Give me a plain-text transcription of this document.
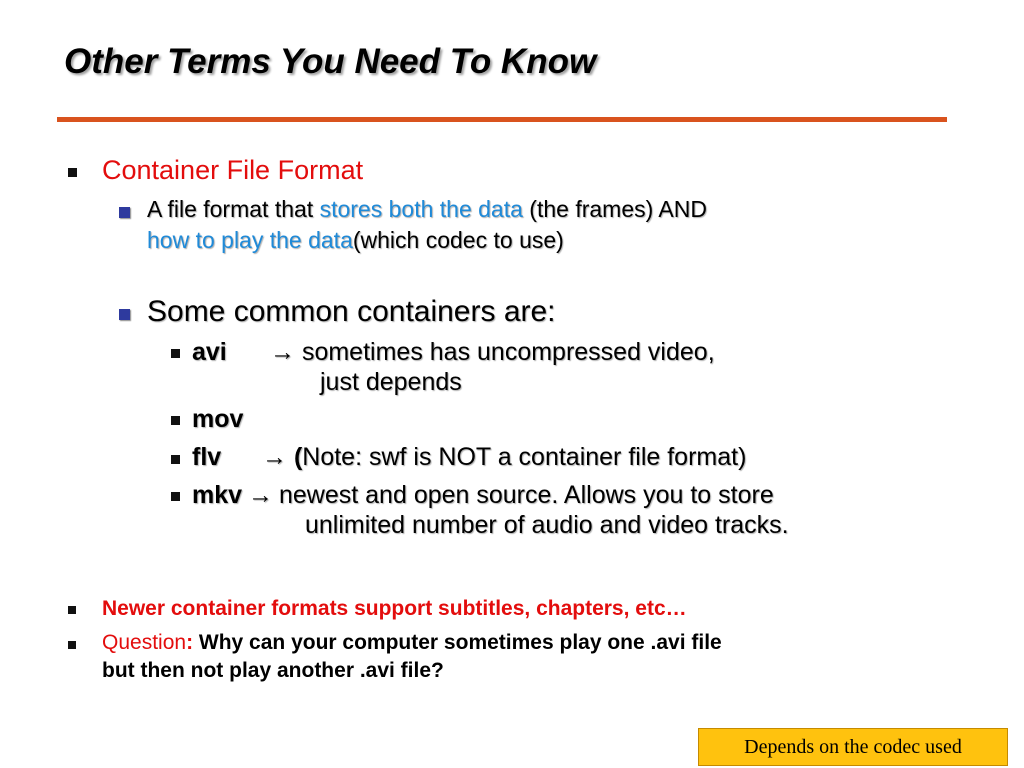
Other Terms You Need To Know
Container File Format
A file format that stores both the data (the frames) AND
how to play the data(which codec to use)
Some common containers are:
avi → sometimes has uncompressed video,
just depends
mov
flv → (Note: swf is NOT a container file format)
mkv → newest and open source. Allows you to store
unlimited number of audio and video tracks.
Newer container formats support subtitles, chapters, etc…
Question: Why can your computer sometimes play one .avi file
but then not play another .avi file?
Depends on the codec used
